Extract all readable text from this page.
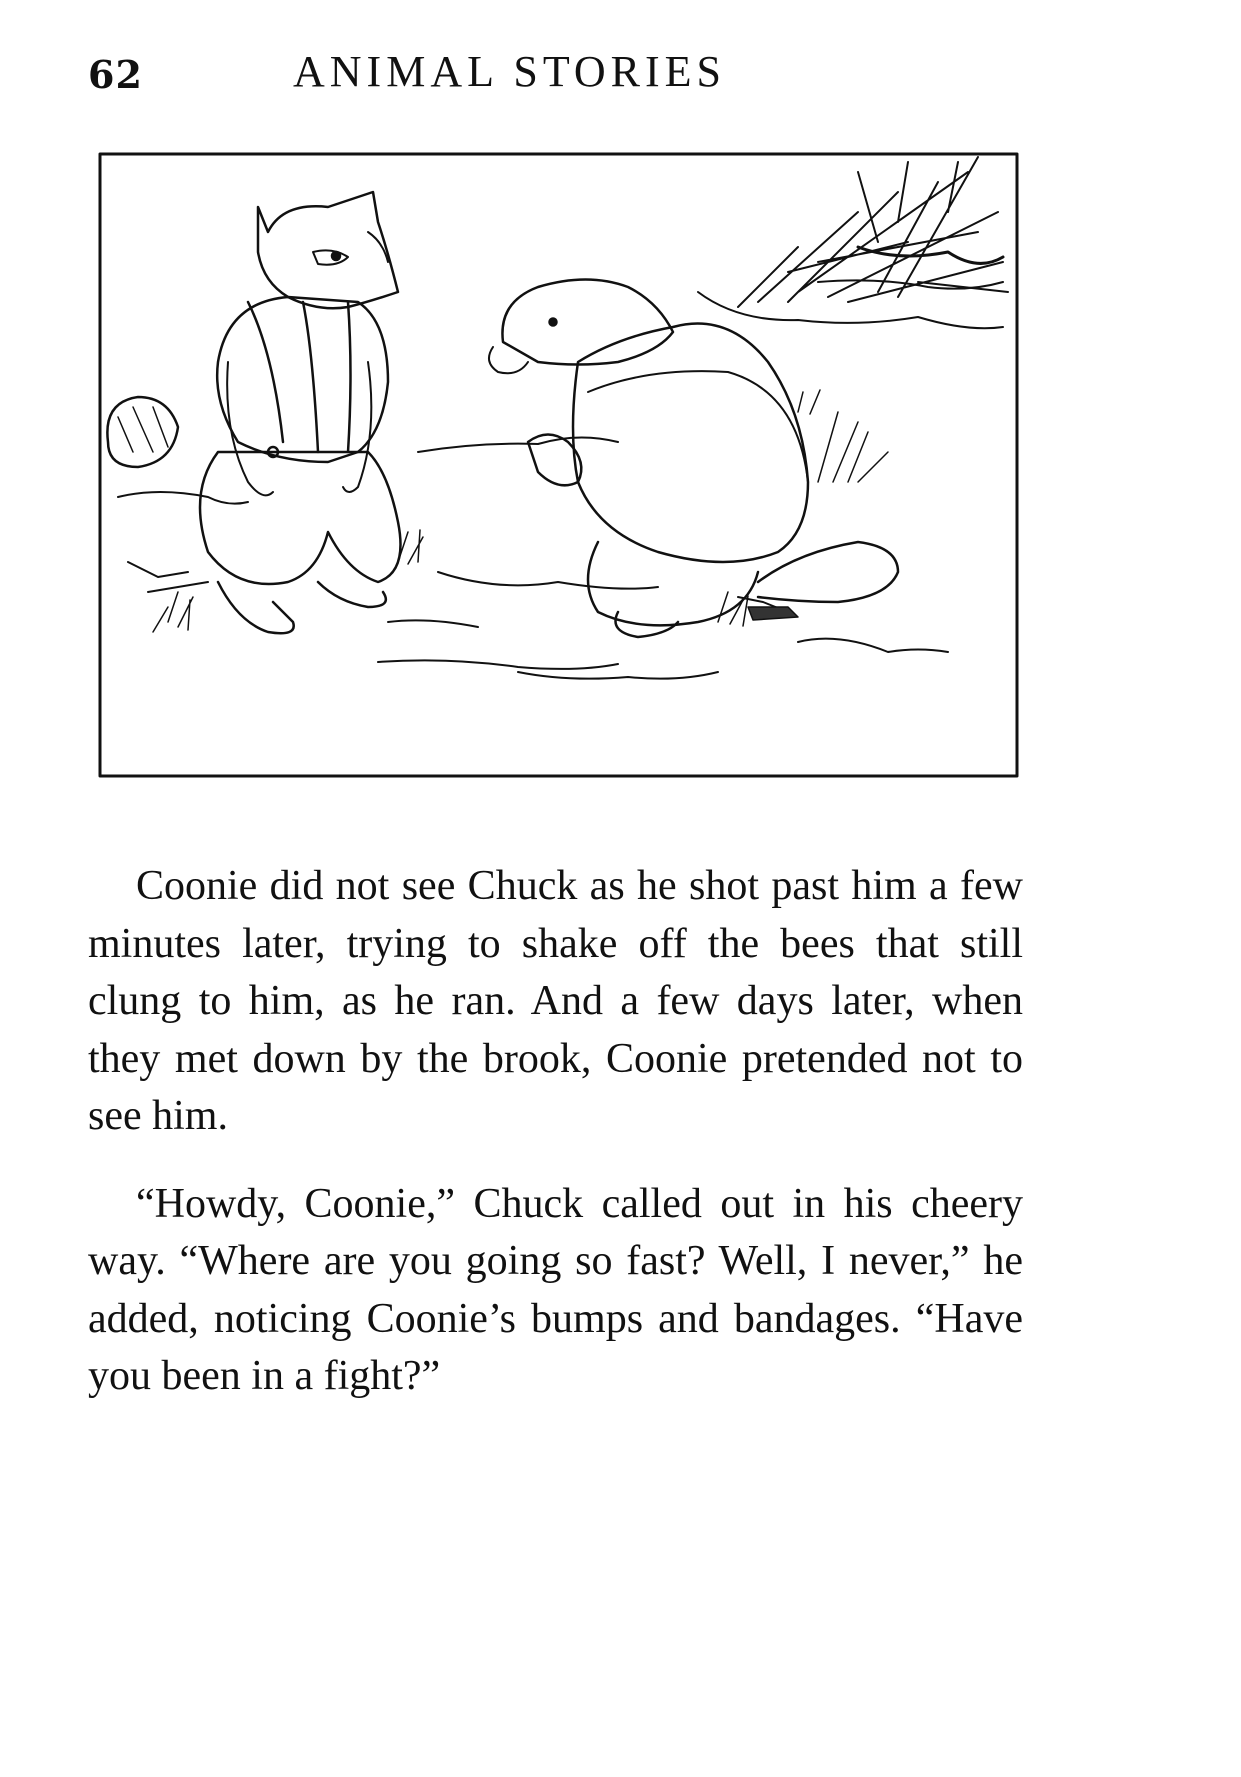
62	ANIMAL STORIES

Coonie did not see Chuck as he shot past him a few minutes later, trying to shake off the bees that still clung to him, as he ran. And a few days later, when they met down by the brook, Coonie pretended not to see him.

“Howdy, Coonie,” Chuck called out in his cheery way. “Where are you going so fast? Well, I never,” he added, noticing Coonie’s bumps and bandages. “Have you been in a fight?”
